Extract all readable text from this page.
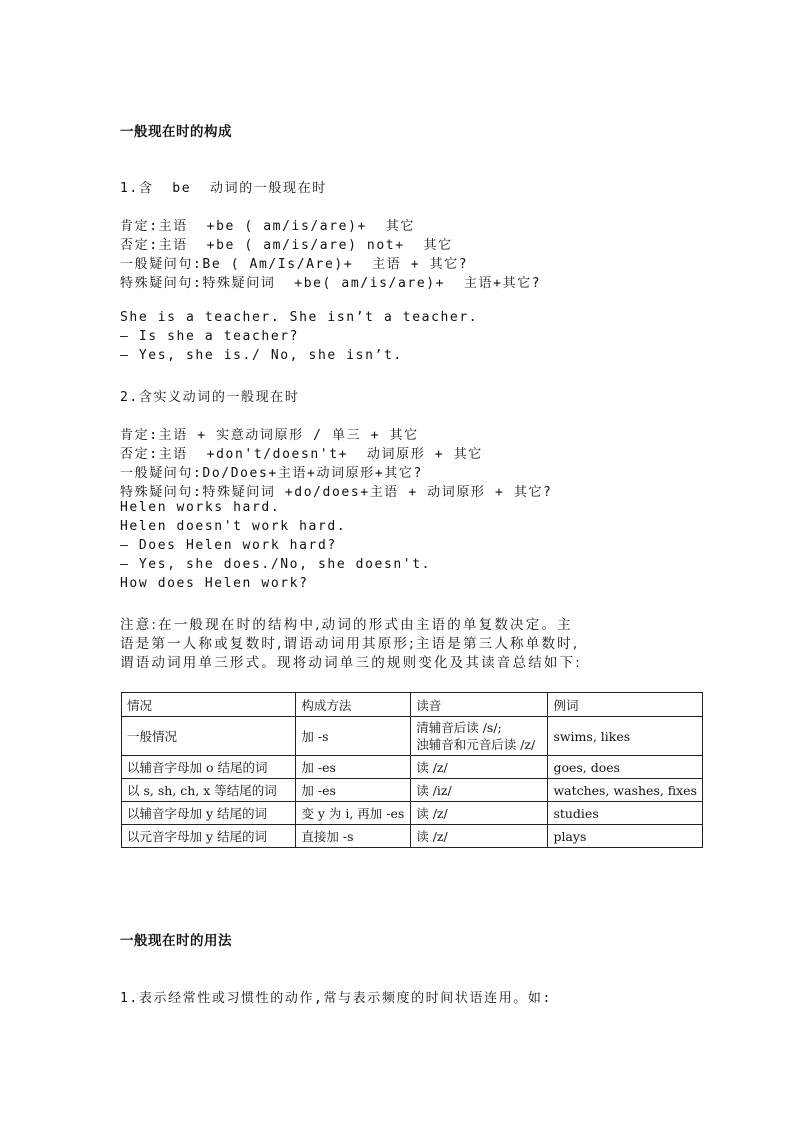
一般现在时的构成
1.含  be  动词的一般现在时
肯定:主语  +be ( am/is/are)+  其它
否定:主语  +be ( am/is/are) not+  其它
一般疑问句:Be ( Am/Is/Are)+  主语 + 其它?
特殊疑问句:特殊疑问词  +be( am/is/are)+  主语+其它?
She is a teacher. She isn’t a teacher.
— Is she a teacher?
— Yes, she is./ No, she isn’t.
2.含实义动词的一般现在时
肯定:主语 + 实意动词原形 / 单三 + 其它
否定:主语  +don't/doesn't+  动词原形 + 其它
一般疑问句:Do/Does+主语+动词原形+其它?
特殊疑问句:特殊疑问词 +do/does+主语 + 动词原形 + 其它?
Helen works hard.
Helen doesn't work hard.
— Does Helen work hard?
— Yes, she does./No, she doesn't.
How does Helen work?
注意:在一般现在时的结构中,动词的形式由主语的单复数决定。主
语是第一人称或复数时,谓语动词用其原形;主语是第三人称单数时,
谓语动词用单三形式。现将动词单三的规则变化及其读音总结如下:
情况	构成方法	读音	例词
一般情况	加 -s	清辅音后读 /s/;
浊辅音和元音后读 /z/	swims, likes
以辅音字母加 o 结尾的词	加 -es	读 /z/	goes, does
以 s, sh, ch, x 等结尾的词	加 -es	读 /iz/	watches, washes, fixes
以辅音字母加 y 结尾的词	变 y 为 i, 再加 -es	读 /z/	studies
以元音字母加 y 结尾的词	直接加 -s	读 /z/	plays
一般现在时的用法
1.表示经常性或习惯性的动作,常与表示频度的时间状语连用。如:
